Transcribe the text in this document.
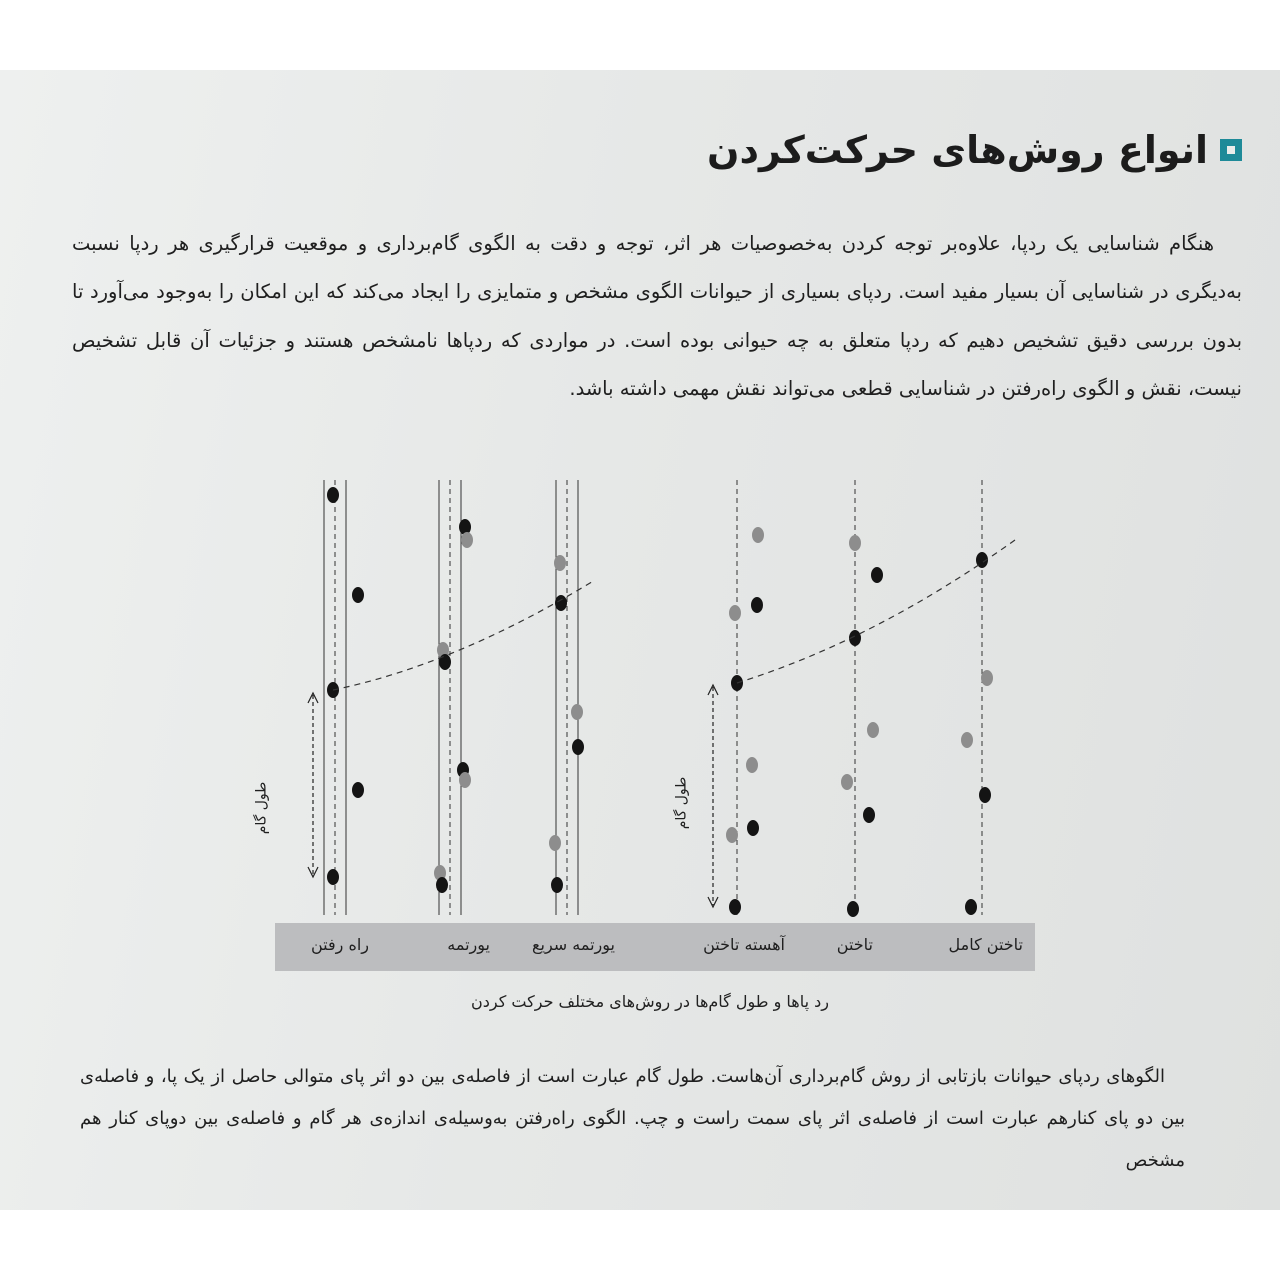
انواع روش‌های حرکت‌کردن

هنگام شناسایی یک ردپا، علاوه‌بر توجه کردن به‌خصوصیات هر اثر، توجه و دقت به الگوی گام‌برداری و موقعیت قرارگیری هر ردپا نسبت به‌دیگری در شناسایی آن بسیار مفید است. ردپای بسیاری از حیوانات الگوی مشخص و متمایزی را ایجاد می‌کند که این امکان را به‌وجود می‌آورد تا بدون بررسی دقیق تشخیص دهیم که ردپا متعلق به چه حیوانی بوده است. در مواردی که ردپاها نامشخص هستند و جزئیات آن قابل تشخیص نیست، نقش و الگوی راه‌رفتن در شناسایی قطعی می‌تواند نقش مهمی داشته باشد.

طول گام	طول گام
راه رفتن	یورتمه	یورتمه سریع	آهسته تاختن	تاختن	تاختن کامل
رد پاها و طول گام‌ها در روش‌های مختلف حرکت کردن

الگوهای ردپای حیوانات بازتابی از روش گام‌برداری آن‌هاست. طول گام عبارت است از فاصله‌ی بین دو اثر پای متوالی حاصل از یک پا، و فاصله‌ی بین دو پای کنارهم عبارت است از فاصله‌ی اثر پای سمت راست و چپ. الگوی راه‌رفتن به‌وسیله‌ی اندازه‌ی هر گام و فاصله‌ی بین دوپای کنار هم مشخص
